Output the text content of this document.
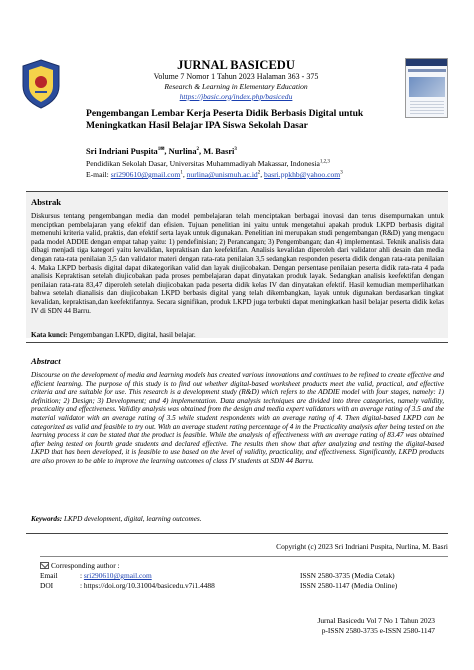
JURNAL BASICEDU
Volume 7 Nomor 1 Tahun 2023 Halaman 363 - 375
Research & Learning in Elementary Education
https://jbasic.org/index.php/basicedu
Pengembangan Lembar Kerja Peserta Didik Berbasis Digital untuk Meningkatkan Hasil Belajar IPA Siswa Sekolah Dasar
Sri Indriani Puspita$^{1✉}$, Nurlina$^2$, M. Basri$^3$
Pendidikan Sekolah Dasar, Universitas Muhammadiyah Makassar, Indonesia$^{1,2,3}$
E-mail: sri290610@gmail.com$^1$, $nurlina@unismuh.ac.id^2$, basri.ppkhb@yahoo.com$^3$
Abstrak
Diskursus tentang pengembangan media dan model pembelajaran telah menciptakan berbagai inovasi dan terus disempurnakan untuk menciptkan pembelajaran yang efektif dan efisien. Tujuan penelitian ini yaitu untuk mengetahui apakah produk LKPD berbasis digital memenuhi kriteria valid, praktis, dan efektif serta layak untuk digunakan. Penelitian ini merupakan studi pengembangan (R&D) yang mengacu pada model ADDIE dengan empat tahap yaitu: 1) pendefinisian; 2) Perancangan; 3) Pengembangan; dan 4) implementasi. Teknik analisis data dibagi menjadi tiga kategori yaitu kevalidan, kepraktisan dan keefektifan. Analisis kevalidan diperoleh dari validator ahli desain dan media dengan rata-rata penilaian 3,5 dan validator materi dengan rata-rata penilaian 3,5 sedangkan responden peserta didik dengan rata-rata penilaian 4. Maka LKPD berbasis digital dapat dikategorikan valid dan layak diujicobakan. Dengan persentase penilaian peserta didik rata-rata 4 pada analisis Kepraktisan setelah diujicobakan pada proses pembelajaran dapat dinyatakan produk layak. Sedangkan analisis keefektifan dengan penilaian rata-rata 83,47 diperoleh setelah diujicobakan pada peserta didik kelas IV dan dinyatakan efektif. Hasil kemudian memperlihatkan bahwa setelah dianalisis dan diujicobakan LKPD berbasis digital yang telah dikembangkan, layak untuk digunakan berdasarkan tingkat kevalidan, kepraktisan,dan keefektifannya. Secara signifikan, produk LKPD juga terbukti dapat meningkatkan hasil belajar peserta didik kelas IV di SDN 44 Barru.
Kata kunci: Pengembangan LKPD, digital, hasil belajar.
Abstract
Discourse on the development of media and learning models has created various innovations and continues to be refined to create effective and efficient learning. The purpose of this study is to find out whether digital-based worksheet products meet the valid, practical, and effective criteria and are suitable for use. This research is a development study (R&D) which refers to the ADDIE model with four stages, namely: 1) definition; 2) Design; 3) Development; and 4) implementation. Data analysis techniques are divided into three categories, namely validity, practicality and effectiveness. Validity analysis was obtained from the design and media expert validators with an average rating of 3.5 and the material validator with an average rating of 3.5 while student respondents with an average rating of 4. Then digital-based LKPD can be categorized as valid and feasible to try out. With an average student rating percentage of 4 in the Practicality analysis after being tested on the learning process it can be stated that the product is feasible. While the analysis of effectiveness with an average rating of 83.47 was obtained after being tested on fourth grade students and declared effective. The results then show that after analyzing and testing the digital-based LKPD that has been developed, it is feasible to use based on the level of validity, practicality, and effectiveness. Significantly, LKPD products are also proven to be able to improve the learning outcomes of class IV students at SDN 44 Barru.
Keywords: LKPD development, digital, learning outcomes.
Copyright (c) 2023 Sri Indriani Puspita, Nurlina, M. Basri
Corresponding author :
Email	: sri290610@gmail.com
DOI	: https://doi.org/10.31004/basicedu.v7i1.4488
ISSN 2580-3735 (Media Cetak)
ISSN 2580-1147 (Media Online)
Jurnal Basicedu Vol 7 No 1 Tahun 2023
p-ISSN 2580-3735 e-ISSN 2580-1147
